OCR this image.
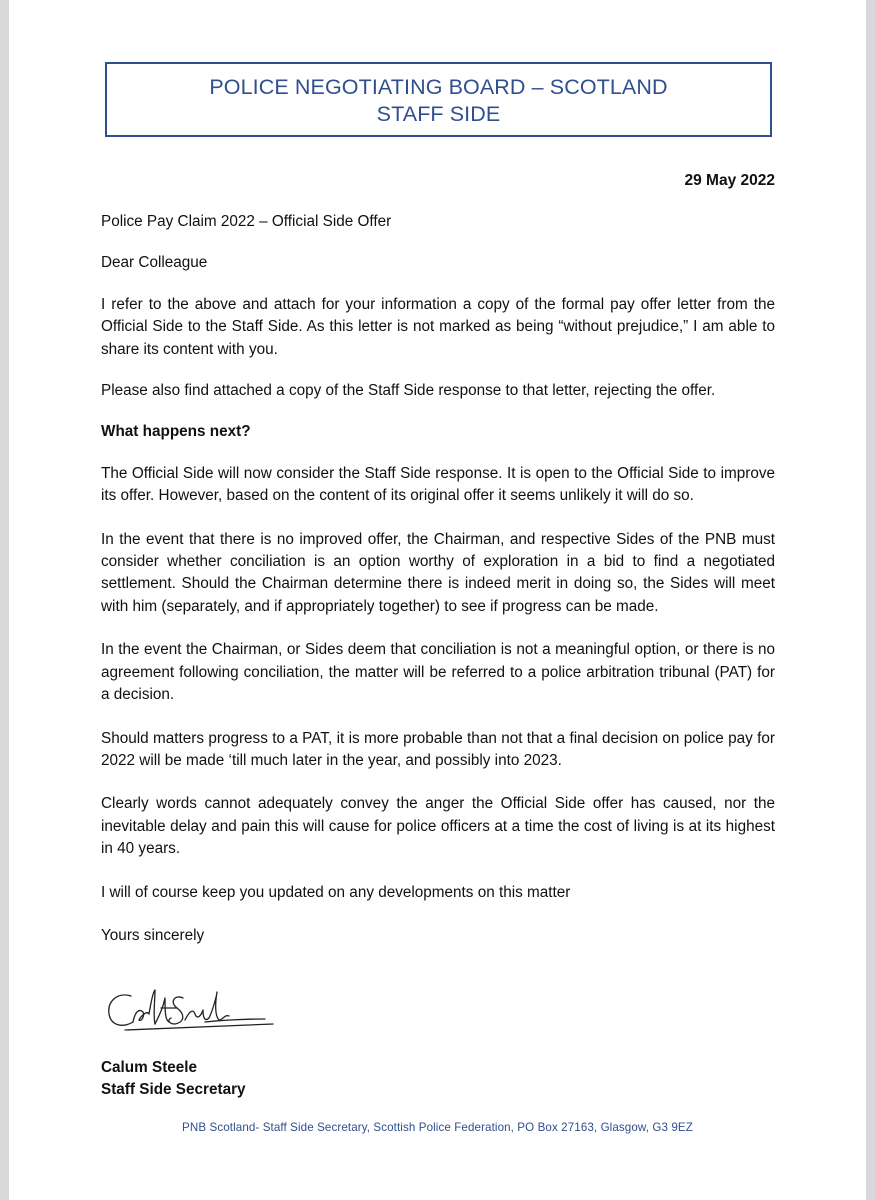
POLICE NEGOTIATING BOARD – SCOTLAND
STAFF SIDE
29 May 2022

Police Pay Claim 2022 – Official Side Offer

Dear Colleague

I refer to the above and attach for your information a copy of the formal pay offer letter from the Official Side to the Staff Side. As this letter is not marked as being “without prejudice,” I am able to share its content with you.

Please also find attached a copy of the Staff Side response to that letter, rejecting the offer.

What happens next?

The Official Side will now consider the Staff Side response. It is open to the Official Side to improve its offer. However, based on the content of its original offer it seems unlikely it will do so.

In the event that there is no improved offer, the Chairman, and respective Sides of the PNB must consider whether conciliation is an option worthy of exploration in a bid to find a negotiated settlement. Should the Chairman determine there is indeed merit in doing so, the Sides will meet with him (separately, and if appropriately together) to see if progress can be made.

In the event the Chairman, or Sides deem that conciliation is not a meaningful option, or there is no agreement following conciliation, the matter will be referred to a police arbitration tribunal (PAT) for a decision.

Should matters progress to a PAT, it is more probable than not that a final decision on police pay for 2022 will be made ‘till much later in the year, and possibly into 2023.

Clearly words cannot adequately convey the anger the Official Side offer has caused, nor the inevitable delay and pain this will cause for police officers at a time the cost of living is at its highest in 40 years.

I will of course keep you updated on any developments on this matter

Yours sincerely

Calum Steele
Staff Side Secretary
PNB Scotland- Staff Side Secretary, Scottish Police Federation, PO Box 27163, Glasgow, G3 9EZ
